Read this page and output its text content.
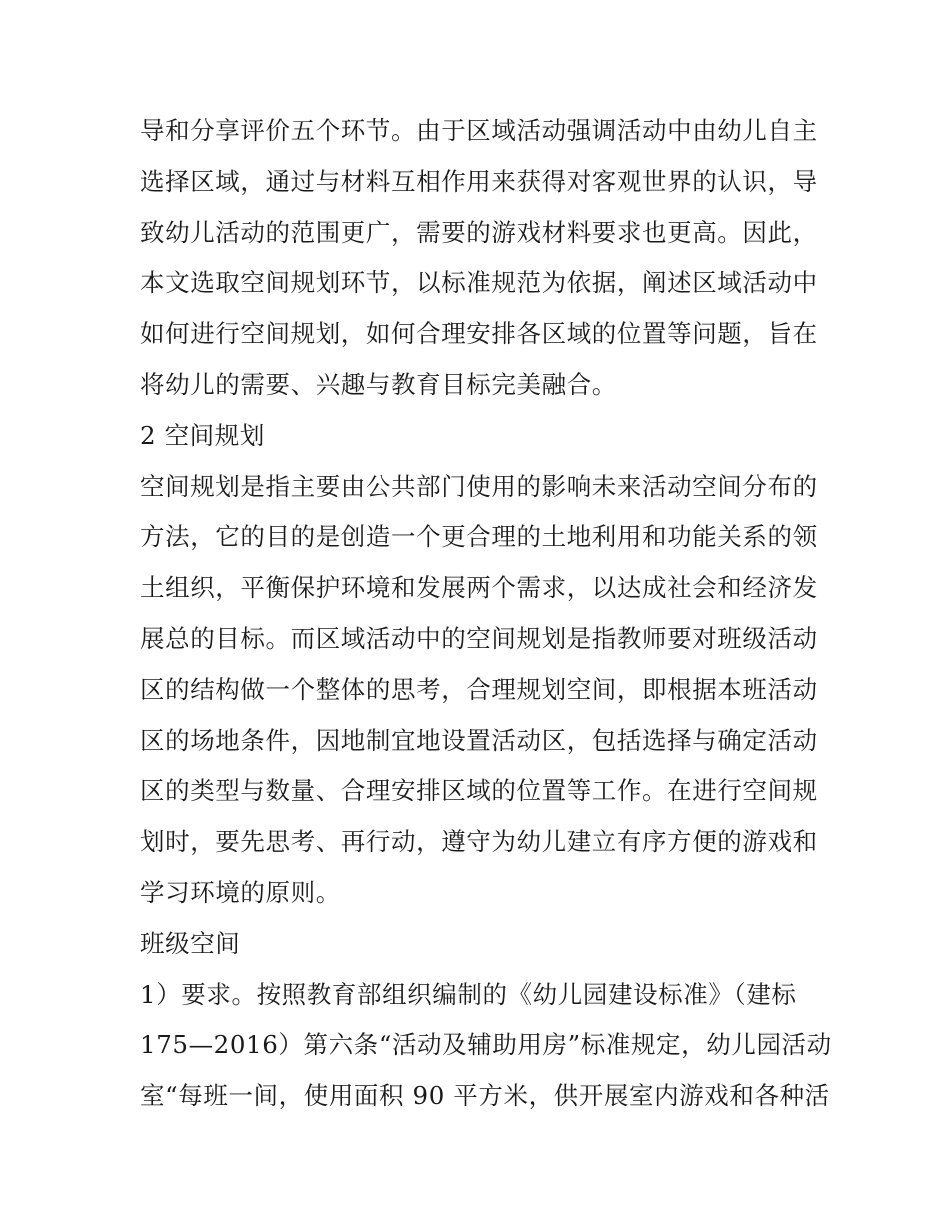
导和分享评价五个环节。由于区域活动强调活动中由幼儿自主
选择区域，通过与材料互相作用来获得对客观世界的认识，导
致幼儿活动的范围更广，需要的游戏材料要求也更高。因此，
本文选取空间规划环节，以标准规范为依据，阐述区域活动中
如何进行空间规划，如何合理安排各区域的位置等问题，旨在
将幼儿的需要、兴趣与教育目标完美融合。
2 空间规划
空间规划是指主要由公共部门使用的影响未来活动空间分布的
方法，它的目的是创造一个更合理的土地利用和功能关系的领
土组织，平衡保护环境和发展两个需求，以达成社会和经济发
展总的目标。而区域活动中的空间规划是指教师要对班级活动
区的结构做一个整体的思考，合理规划空间，即根据本班活动
区的场地条件，因地制宜地设置活动区，包括选择与确定活动
区的类型与数量、合理安排区域的位置等工作。在进行空间规
划时，要先思考、再行动，遵守为幼儿建立有序方便的游戏和
学习环境的原则。
班级空间
1）要求。按照教育部组织编制的《幼儿园建设标准》（建标
175—2016）第六条“活动及辅助用房”标准规定，幼儿园活动
室“每班一间，使用面积 90 平方米，供开展室内游戏和各种活
